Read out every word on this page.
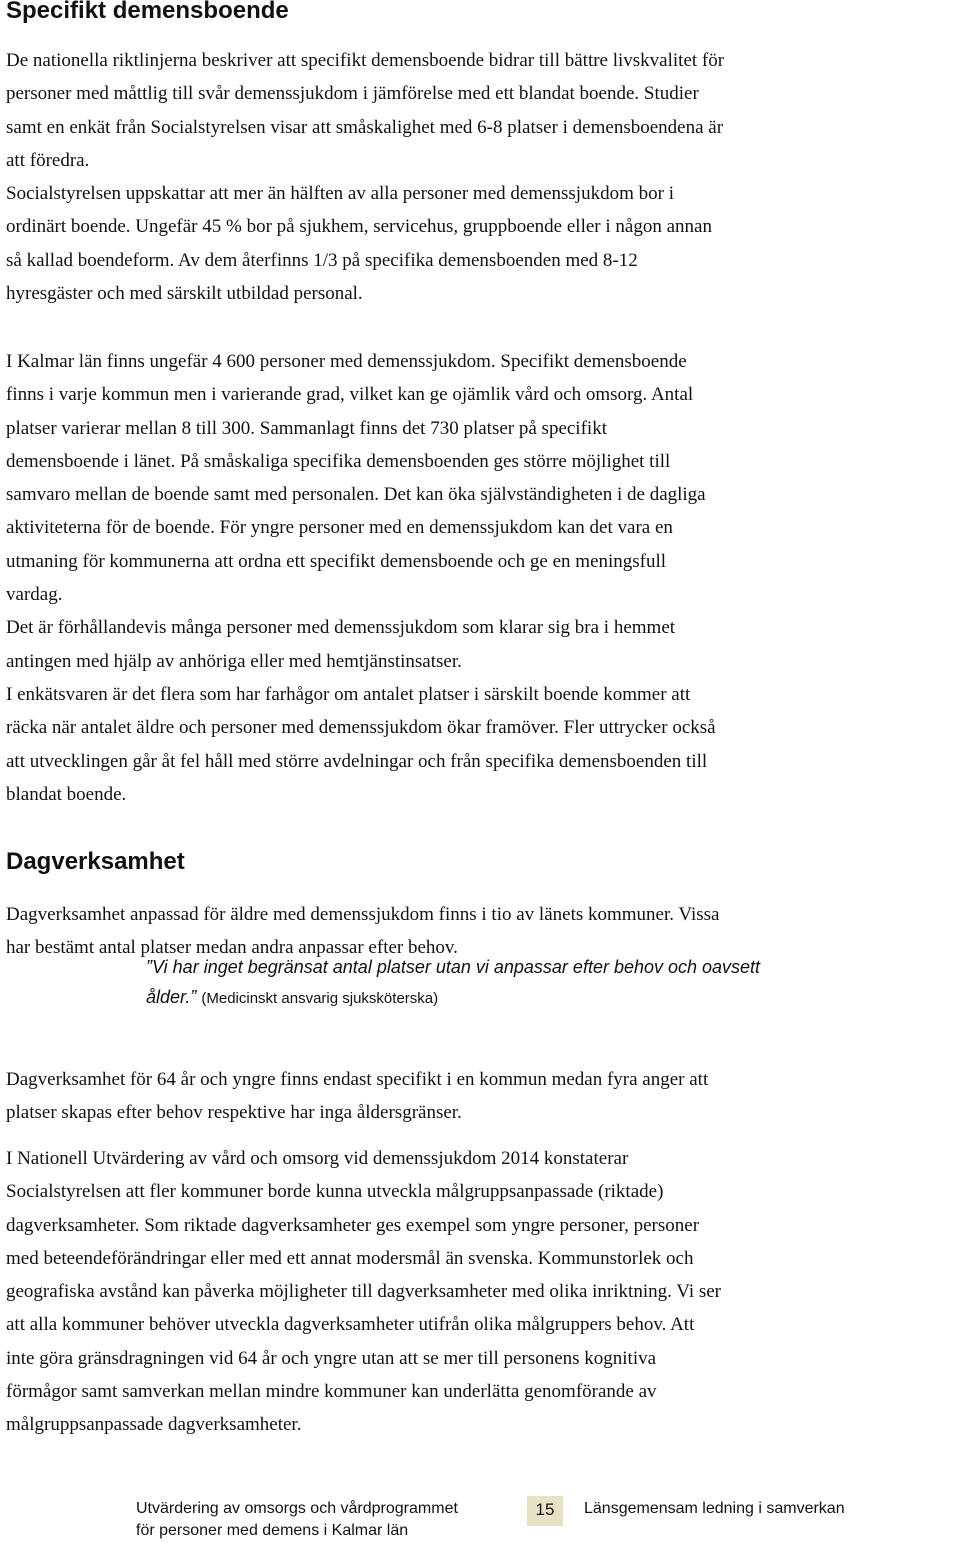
Specifikt demensboende
De nationella riktlinjerna beskriver att specifikt demensboende bidrar till bättre livskvalitet för
personer med måttlig till svår demenssjukdom i jämförelse med ett blandat boende. Studier
samt en enkät från Socialstyrelsen visar att småskalighet med 6-8 platser i demensboendena är
att föredra.
Socialstyrelsen uppskattar att mer än hälften av alla personer med demenssjukdom bor i
ordinärt boende. Ungefär 45 % bor på sjukhem, servicehus, gruppboende eller i någon annan
så kallad boendeform. Av dem återfinns 1/3 på specifika demensboenden med 8-12
hyresgäster och med särskilt utbildad personal.
I Kalmar län finns ungefär 4 600 personer med demenssjukdom. Specifikt demensboende
finns i varje kommun men i varierande grad, vilket kan ge ojämlik vård och omsorg. Antal
platser varierar mellan 8 till 300. Sammanlagt finns det 730 platser på specifikt
demensboende i länet. På småskaliga specifika demensboenden ges större möjlighet till
samvaro mellan de boende samt med personalen. Det kan öka självständigheten i de dagliga
aktiviteterna för de boende. För yngre personer med en demenssjukdom kan det vara en
utmaning för kommunerna att ordna ett specifikt demensboende och ge en meningsfull
vardag.
Det är förhållandevis många personer med demenssjukdom som klarar sig bra i hemmet
antingen med hjälp av anhöriga eller med hemtjänstinsatser.
I enkätsvaren är det flera som har farhågor om antalet platser i särskilt boende kommer att
räcka när antalet äldre och personer med demenssjukdom ökar framöver. Fler uttrycker också
att utvecklingen går åt fel håll med större avdelningar och från specifika demensboenden till
blandat boende.
Dagverksamhet
Dagverksamhet anpassad för äldre med demenssjukdom finns i tio av länets kommuner. Vissa
har bestämt antal platser medan andra anpassar efter behov.
”Vi har inget begränsat antal platser utan vi anpassar efter behov och oavsett
ålder.” (Medicinskt ansvarig sjuksköterska)
Dagverksamhet för 64 år och yngre finns endast specifikt i en kommun medan fyra anger att
platser skapas efter behov respektive har inga åldersgränser.
I Nationell Utvärdering av vård och omsorg vid demenssjukdom 2014 konstaterar
Socialstyrelsen att fler kommuner borde kunna utveckla målgruppsanpassade (riktade)
dagverksamheter. Som riktade dagverksamheter ges exempel som yngre personer, personer
med beteendeförändringar eller med ett annat modersmål än svenska. Kommunstorlek och
geografiska avstånd kan påverka möjligheter till dagverksamheter med olika inriktning. Vi ser
att alla kommuner behöver utveckla dagverksamheter utifrån olika målgruppers behov. Att
inte göra gränsdragningen vid 64 år och yngre utan att se mer till personens kognitiva
förmågor samt samverkan mellan mindre kommuner kan underlätta genomförande av
målgruppsanpassade dagverksamheter.
Utvärdering av omsorgs och vårdprogrammet
för personer med demens i Kalmar län
15	Länsgemensam ledning i samverkan
